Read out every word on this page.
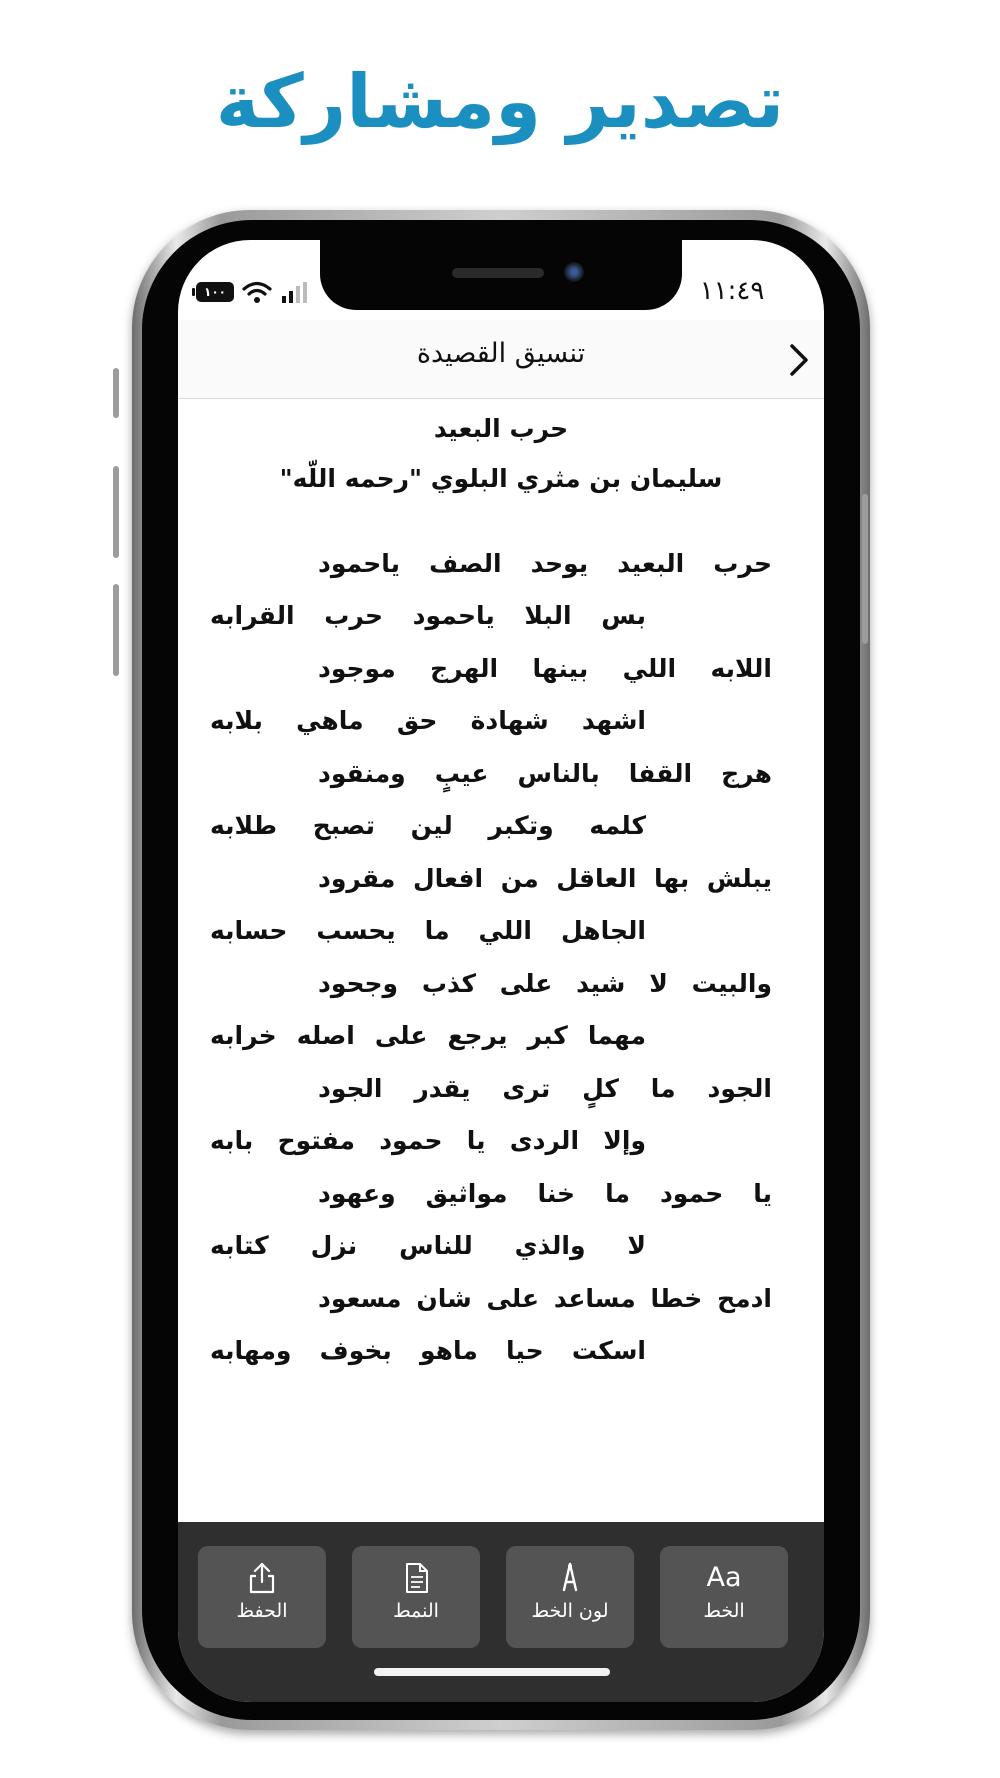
تصدير ومشاركة
١٠٠	١١:٤٩
تنسيق القصيدة
حرب البعيد
سليمان بن مثري البلوي "رحمه اللّه"
حرب البعيد يوحد الصف ياحمود
بس البلا ياحمود حرب القرابه
اللابه اللي بينها الهرج موجود
اشهد شهادة حق ماهي بلابه
هرج القفا بالناس عيبٍ ومنقود
كلمه وتكبر لين تصبح طلابه
يبلش بها العاقل من افعال مقرود
الجاهل اللي ما يحسب حسابه
والبيت لا شيد على كذب وجحود
مهما كبر يرجع على اصله خرابه
الجود ما كلٍ ترى يقدر الجود
وإلا الردى يا حمود مفتوح بابه
يا حمود ما خنا مواثيق وعهود
لا والذي للناس نزل كتابه
ادمح خطا مساعد على شان مسعود
اسكت حيا ماهو بخوف ومهابه
الحفظ	النمط	لون الخط
Aa
الخط
